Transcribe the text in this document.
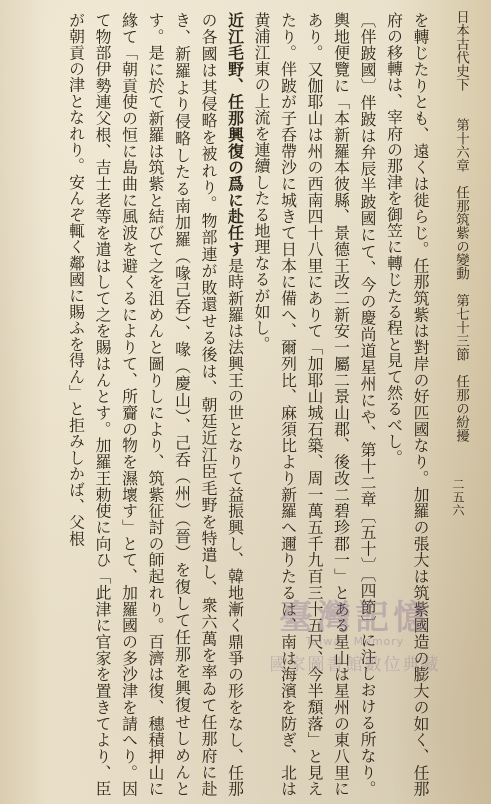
日本古代史下　　第十六章　任那筑紫の變動　第七十三節　任那の紛擾
二五六

を轉じたりとも、遠くは徙らじ。任那筑紫は對岸の好匹國なり。加羅の張大は筑紫國造の膨大の如く、任那府の移轉は、宰府の那津を御笠に轉じたる程と見て然るべし。

〔伴跛國〕伴跛は弁辰半跛國にて、今の慶尚道星州にや、第十二章〔五十〕〔四節〕に注しおける所なり。輿地便覽に「本新羅本彼縣、景德王改二新安一屬二景山郡、後改二碧珍郡一」とある星山は星州の東八里にあり。又伽耶山は州の西南四十八里にありて「加耶山城石築、周一萬五千九百三十五尺、今半頽落」と見えたり。伴跛が子呑帶沙に城きて日本に備へ、爾列比、麻須比より新羅へ邇りたるは、南は海濱を防ぎ、北は黄浦江東の上流を連續したる地理なるが如し。

近江毛野、任那興復の爲に赴任す是時新羅は法興王の世となりて益振興し、韓地漸く鼎爭の形をなし、任那の各國は其侵略を被れり。物部連が敗還せる後は、朝廷近江臣毛野を特遣し、衆六萬を率ゐて任那府に赴き、新羅より侵略したる南加羅（喙己呑）、喙（慶山）、己呑（州）（晉）を復して任那を興復せしめんとす。是に於て新羅は筑紫と結びて之を沮めんと圖りしにより、筑紫征討の師起れり。百濟は復、穗積押山に緣て「朝貢使の恒に島曲に風波を避くるによりて、所齎の物を濕壞す」とて、加羅國の多沙津を請へり。因て物部伊勢連父根、吉士老等を遣はして之を賜はんとす。加羅王勅使に向ひ「此津に官家を置きてより、臣が朝貢の津となれり。安んぞ輒く鄰國に賜ふを得ん」と拒みしかば、父根

臺灣記憶
Taiwan Memory
國家圖書館數位典藏
